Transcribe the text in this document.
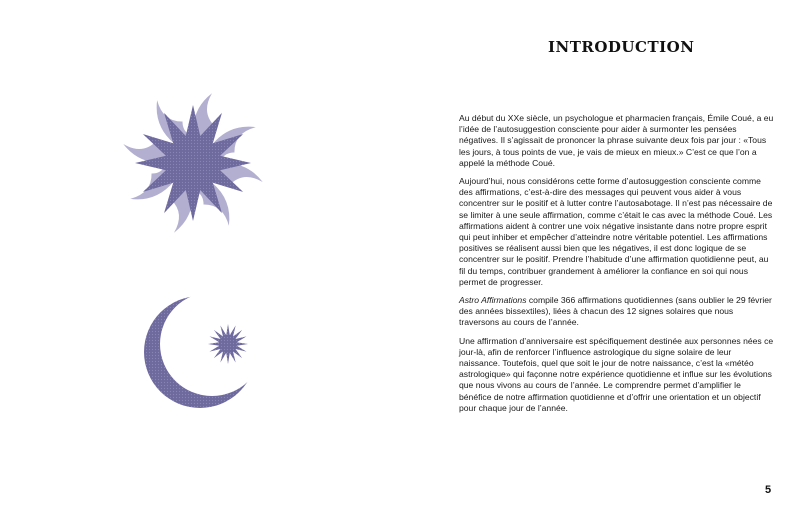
INTRODUCTION

Au début du XXe siècle, un psychologue et pharmacien français, Émile Coué, a eu l’idée de l’autosuggestion consciente pour aider à surmonter les pensées négatives. Il s’agissait de prononcer la phrase suivante deux fois par jour : «Tous les jours, à tous points de vue, je vais de mieux en mieux.» C’est ce que l’on a appelé la méthode Coué.

Aujourd’hui, nous considérons cette forme d’autosuggestion consciente comme des affirmations, c’est-à-dire des messages qui peuvent vous aider à vous concentrer sur le positif et à lutter contre l’autosabotage. Il n’est pas nécessaire de se limiter à une seule affirmation, comme c’était le cas avec la méthode Coué. Les affirmations aident à contrer une voix négative insistante dans notre propre esprit qui peut inhiber et empêcher d’atteindre notre véritable potentiel. Les affirmations positives se réalisent aussi bien que les négatives, il est donc logique de se concentrer sur le positif. Prendre l’habitude d’une affirmation quotidienne peut, au fil du temps, contribuer grandement à améliorer la confiance en soi qui nous permet de progresser.

Astro Affirmations compile 366 affirmations quotidiennes (sans oublier le 29 février des années bissextiles), liées à chacun des 12 signes solaires que nous traversons au cours de l’année.

Une affirmation d’anniversaire est spécifiquement destinée aux personnes nées ce jour-là, afin de renforcer l’influence astrologique du signe solaire de leur naissance. Toutefois, quel que soit le jour de notre naissance, c’est la «météo astrologique» qui façonne notre expérience quotidienne et influe sur les évolutions que nous vivons au cours de l’année. Le comprendre permet d’amplifier le bénéfice de notre affirmation quotidienne et d’offrir une orientation et un objectif pour chaque jour de l’année.

5
